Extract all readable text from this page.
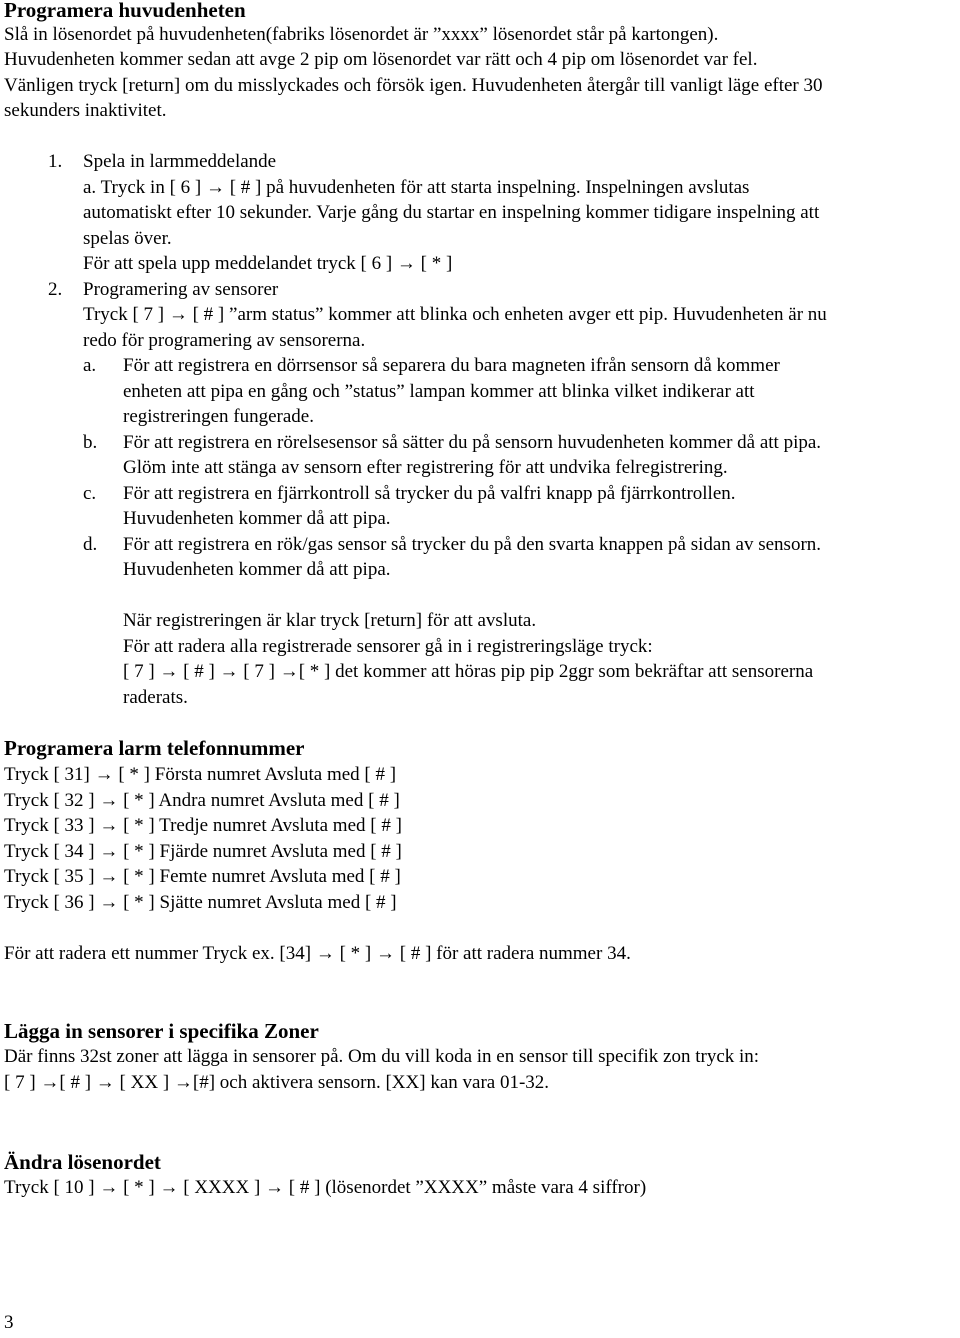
Programera huvudenheten
Slå in lösenordet på huvudenheten(fabriks lösenordet är ”xxxx” lösenordet står på kartongen).
Huvudenheten kommer sedan att avge 2 pip om lösenordet var rätt och 4 pip om lösenordet var fel.
Vänligen tryck [return] om du misslyckades och försök igen. Huvudenheten återgår till vanligt läge efter 30
sekunders inaktivitet.
1. Spela in larmmeddelande
a. Tryck in [ 6 ] → [ # ] på huvudenheten för att starta inspelning. Inspelningen avslutas
automatiskt efter 10 sekunder. Varje gång du startar en inspelning kommer tidigare inspelning att
spelas över.
För att spela upp meddelandet tryck [ 6 ] → [ * ]
2. Programering av sensorer
Tryck [ 7 ] → [ # ] ”arm status” kommer att blinka och enheten avger ett pip. Huvudenheten är nu
redo för programering av sensorerna.
a. För att registrera en dörrsensor så separera du bara magneten ifrån sensorn då kommer
enheten att pipa en gång och ”status” lampan kommer att blinka vilket indikerar att
registreringen fungerade.
b. För att registrera en rörelsesensor så sätter du på sensorn huvudenheten kommer då att pipa.
Glöm inte att stänga av sensorn efter registrering för att undvika felregistrering.
c. För att registrera en fjärrkontroll så trycker du på valfri knapp på fjärrkontrollen.
Huvudenheten kommer då att pipa.
d. För att registrera en rök/gas sensor så trycker du på den svarta knappen på sidan av sensorn.
Huvudenheten kommer då att pipa.
När registreringen är klar tryck [return] för att avsluta.
För att radera alla registrerade sensorer gå in i registreringsläge tryck:
[ 7 ] → [ # ] → [ 7 ] →[ * ] det kommer att höras pip pip 2ggr som bekräftar att sensorerna
raderats.
Programera larm telefonnummer
Tryck [ 31] → [ * ] Första numret Avsluta med [ # ]
Tryck [ 32 ] → [ * ] Andra numret Avsluta med [ # ]
Tryck [ 33 ] → [ * ] Tredje numret Avsluta med [ # ]
Tryck [ 34 ] → [ * ] Fjärde numret Avsluta med [ # ]
Tryck [ 35 ] → [ * ] Femte numret Avsluta med [ # ]
Tryck [ 36 ] → [ * ] Sjätte numret Avsluta med [ # ]
För att radera ett nummer Tryck ex. [34] → [ * ] → [ # ] för att radera nummer 34.
Lägga in sensorer i specifika Zoner
Där finns 32st zoner att lägga in sensorer på. Om du vill koda in en sensor till specifik zon tryck in:
[ 7 ] →[ # ] → [ XX ] →[#] och aktivera sensorn. [XX] kan vara 01-32.
Ändra lösenordet
Tryck [ 10 ] → [ * ] → [ XXXX ] → [ # ] (lösenordet ”XXXX” måste vara 4 siffror)
3
